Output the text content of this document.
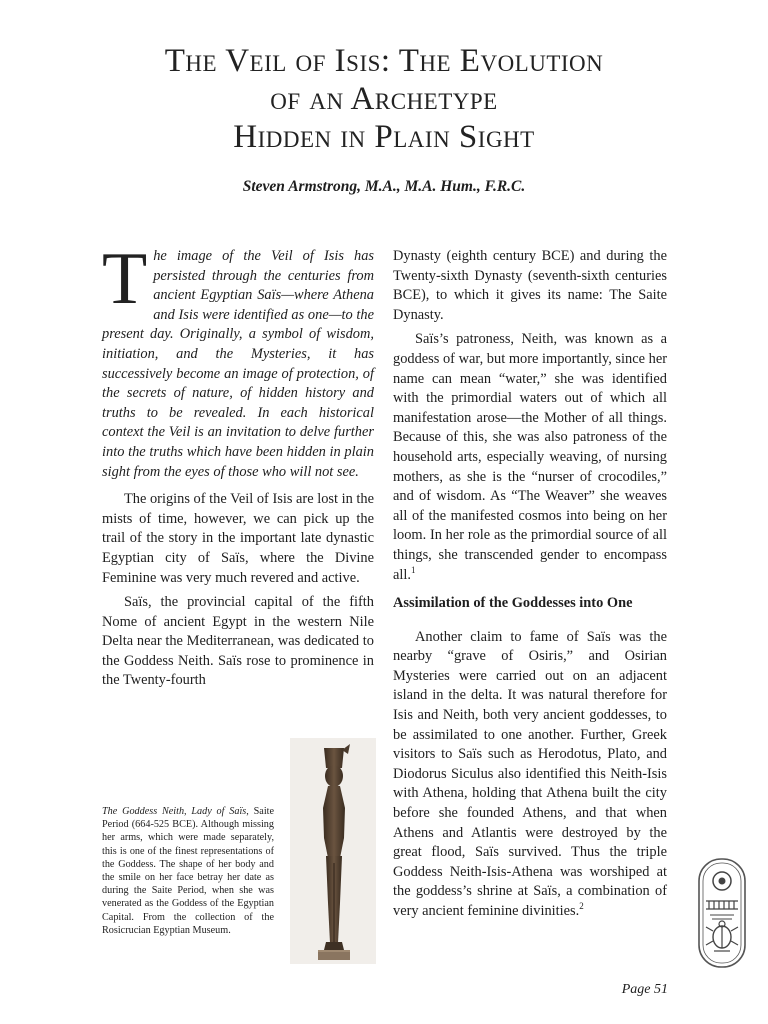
The Veil of Isis: The Evolution
of an Archetype
Hidden in Plain Sight
Steven Armstrong, M.A., M.A. Hum., F.R.C.

The image of the Veil of Isis has persisted through the centuries from ancient Egyptian Saïs—where Athena and Isis were identified as one—to the present day. Originally, a symbol of wisdom, initiation, and the Mysteries, it has successively become an image of protection, of the secrets of nature, of hidden history and truths to be revealed. In each historical context the Veil is an invitation to delve further into the truths which have been hidden in plain sight from the eyes of those who will not see.

The origins of the Veil of Isis are lost in the mists of time, however, we can pick up the trail of the story in the important late dynastic Egyptian city of Saïs, where the Divine Feminine was very much revered and active.

Saïs, the provincial capital of the fifth Nome of ancient Egypt in the western Nile Delta near the Mediterranean, was dedicated to the Goddess Neith. Saïs rose to prominence in the Twenty-fourth

Dynasty (eighth century BCE) and during the Twenty-sixth Dynasty (seventh-sixth centuries BCE), to which it gives its name: The Saite Dynasty.

Saïs’s patroness, Neith, was known as a goddess of war, but more importantly, since her name can mean “water,” she was identified with the primordial waters out of which all manifestation arose—the Mother of all things. Because of this, she was also patroness of the household arts, especially weaving, of nursing mothers, as she is the “nurser of crocodiles,” and of wisdom. As “The Weaver” she weaves all of the manifested cosmos into being on her loom. In her role as the primordial source of all things, she transcended gender to encompass all.$^1$

Assimilation of the Goddesses into One

Another claim to fame of Saïs was the nearby “grave of Osiris,” and Osirian Mysteries were carried out on an adjacent island in the delta. It was natural therefore for Isis and Neith, both very ancient goddesses, to be assimilated to one another. Further, Greek visitors to Saïs such as Herodotus, Plato, and Diodorus Siculus also identified this Neith-Isis with Athena, holding that Athena built the city before she founded Athens, and that when Athens and Atlantis were destroyed by the great flood, Saïs survived. Thus the triple Goddess Neith-Isis-Athena was worshiped at the goddess’s shrine at Saïs, a combination of very ancient feminine divinities.$^2$

The Goddess Neith, Lady of Saïs, Saite Period (664-525 BCE). Although missing her arms, which were made separately, this is one of the finest representations of the Goddess. The shape of her body and the smile on her face betray her date as during the Saite Period, when she was venerated as the Goddess of the Egyptian Capital. From the collection of the Rosicrucian Egyptian Museum.
Page 51
